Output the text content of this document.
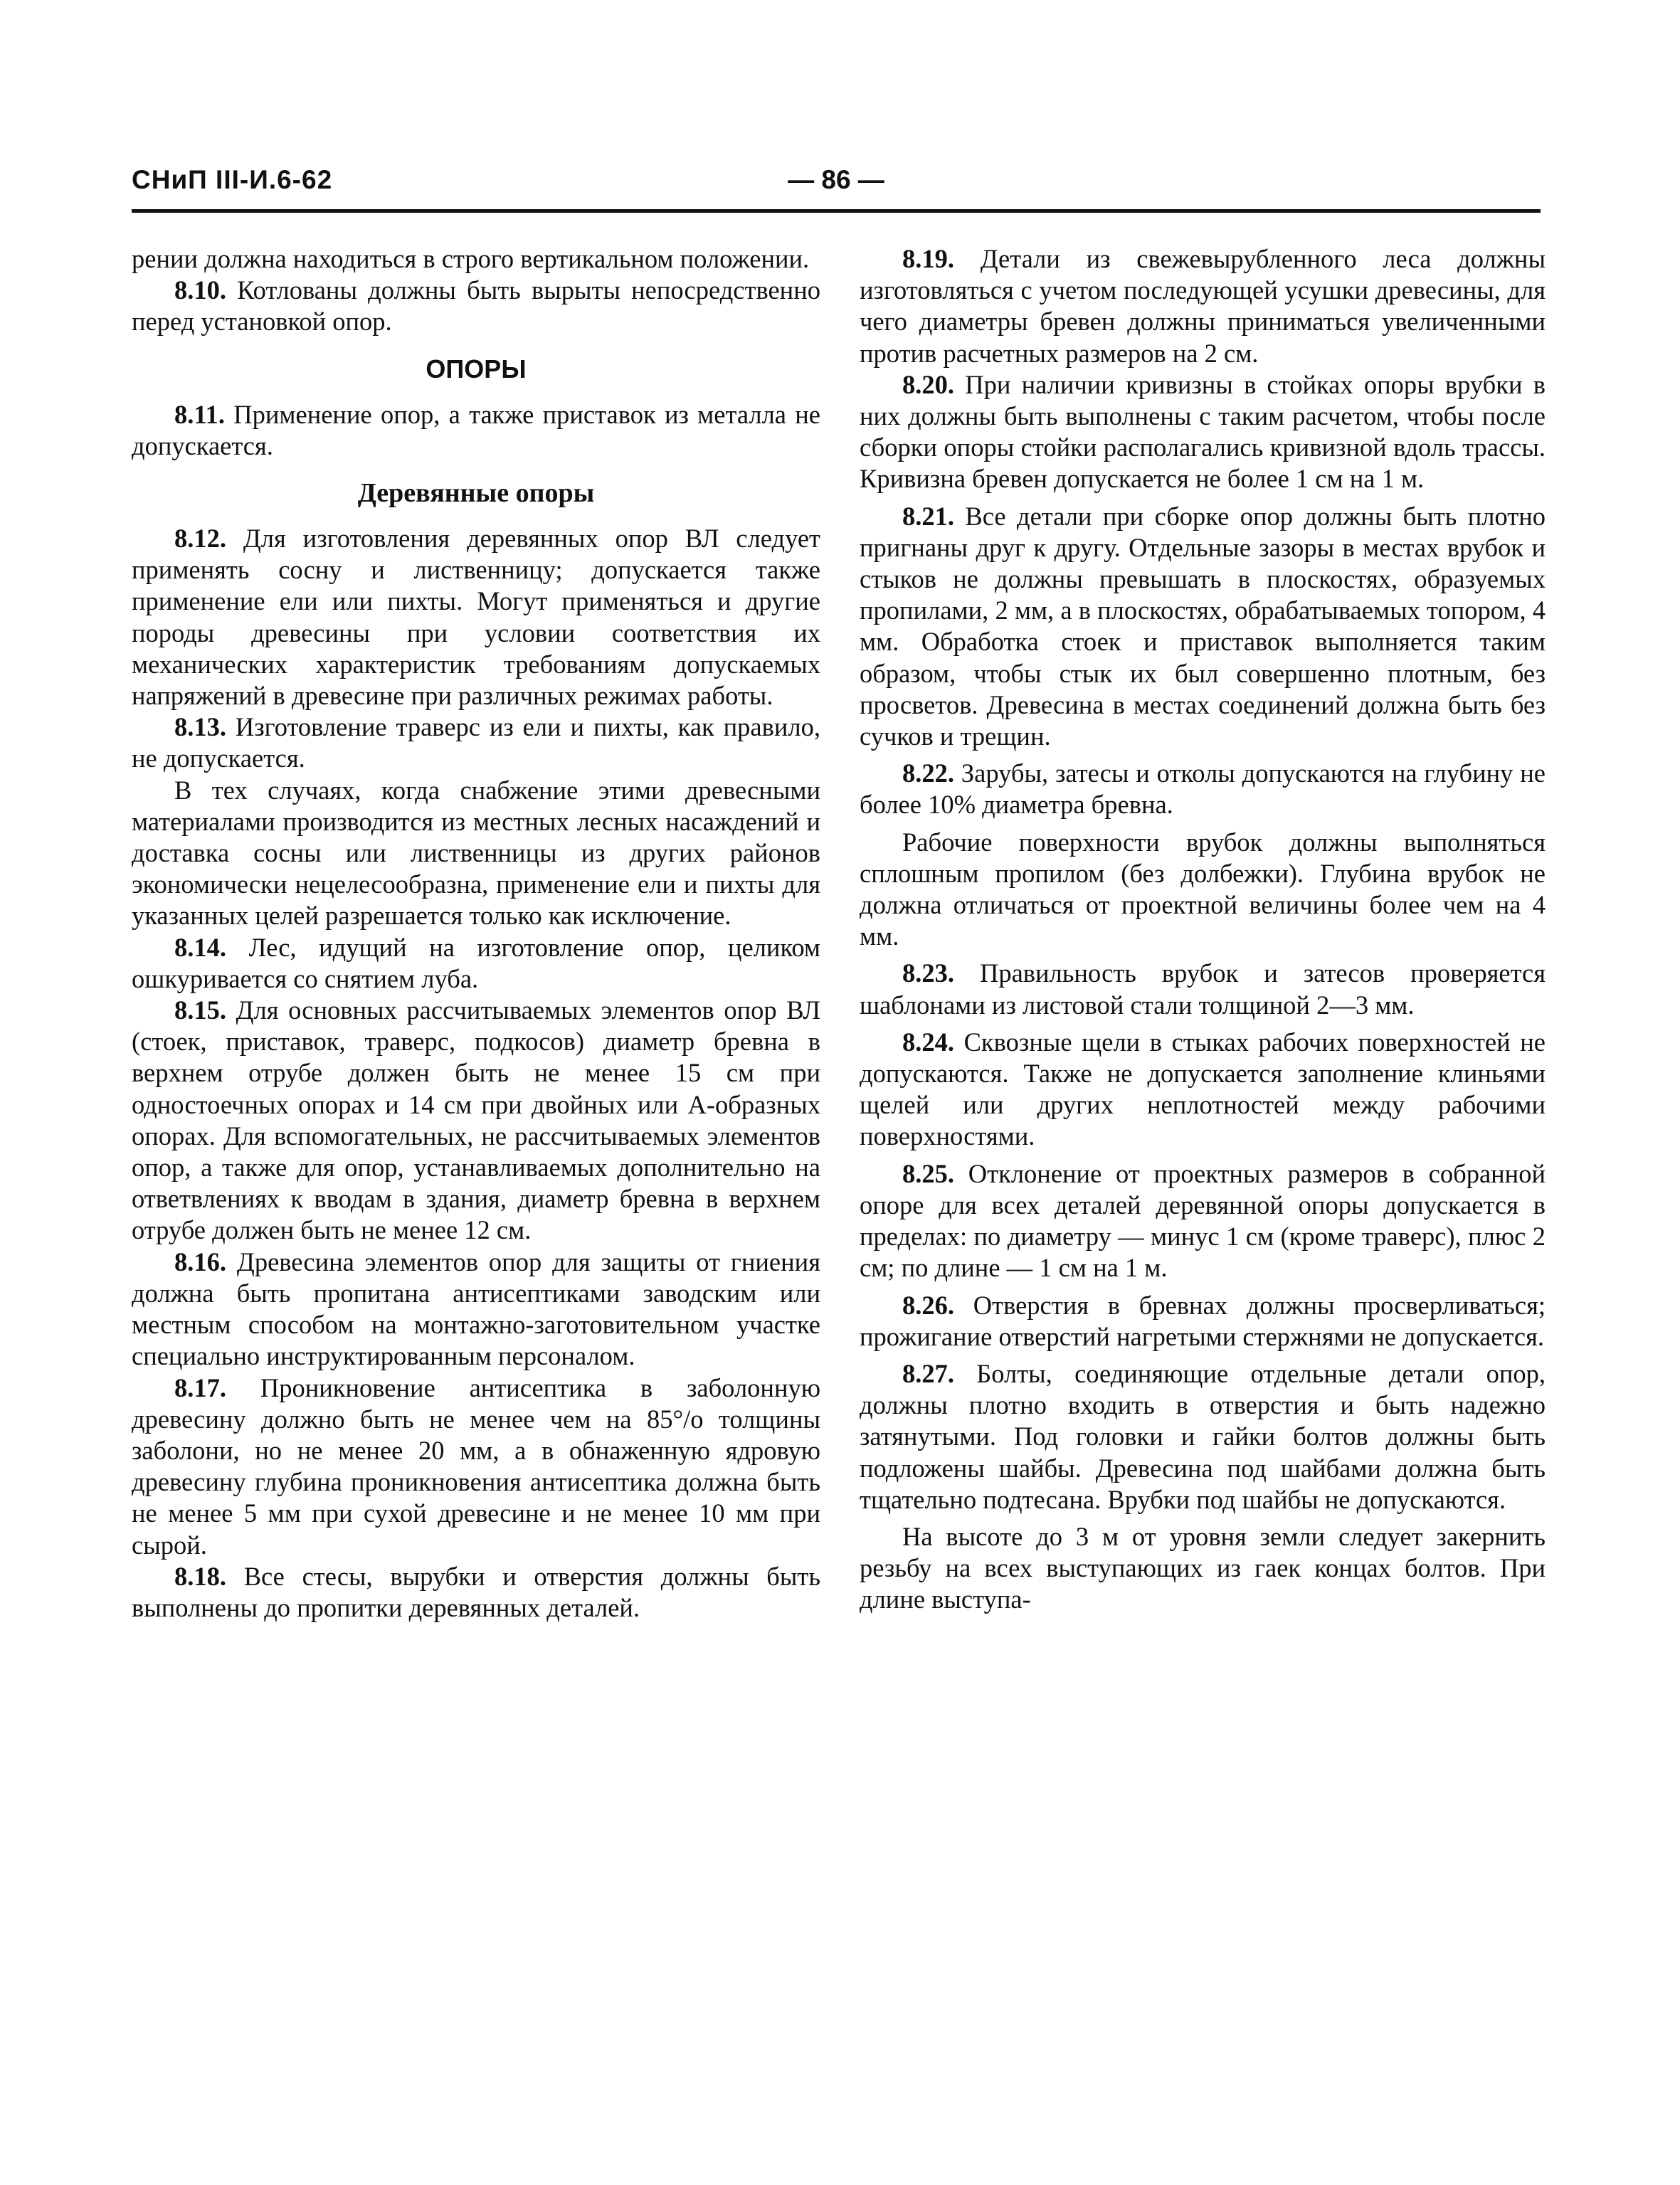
СНиП III-И.6-62	— 86 —

рении должна находиться в строго вертикальном положении.

8.10. Котлованы должны быть вырыты непосредственно перед установкой опор.

ОПОРЫ

8.11. Применение опор, а также приставок из металла не допускается.

Деревянные опоры

8.12. Для изготовления деревянных опор ВЛ следует применять сосну и лиственницу; допускается также применение ели или пихты. Могут применяться и другие породы древесины при условии соответствия их механических характеристик требованиям допускаемых напряжений в древесине при различных режимах работы.

8.13. Изготовление траверс из ели и пихты, как правило, не допускается.

В тех случаях, когда снабжение этими древесными материалами производится из местных лесных насаждений и доставка сосны или лиственницы из других районов экономически нецелесообразна, применение ели и пихты для указанных целей разрешается только как исключение.

8.14. Лес, идущий на изготовление опор, целиком ошкуривается со снятием луба.

8.15. Для основных рассчитываемых элементов опор ВЛ (стоек, приставок, траверс, подкосов) диаметр бревна в верхнем отрубе должен быть не менее 15 см при одностоечных опорах и 14 см при двойных или А-образных опорах. Для вспомогательных, не рассчитываемых элементов опор, а также для опор, устанавливаемых дополнительно на ответвлениях к вводам в здания, диаметр бревна в верхнем отрубе должен быть не менее 12 см.

8.16. Древесина элементов опор для защиты от гниения должна быть пропитана антисептиками заводским или местным способом на монтажно-заготовительном участке специально инструктированным персоналом.

8.17. Проникновение антисептика в заболонную древесину должно быть не менее чем на 85°/о толщины заболони, но не менее 20 мм, а в обнаженную ядровую древесину глубина проникновения антисептика должна быть не менее 5 мм при сухой древесине и не менее 10 мм при сырой.

8.18. Все стесы, вырубки и отверстия должны быть выполнены до пропитки деревянных деталей.

8.19. Детали из свежевырубленного леса должны изготовляться с учетом последующей усушки древесины, для чего диаметры бревен должны приниматься увеличенными против расчетных размеров на 2 см.

8.20. При наличии кривизны в стойках опоры врубки в них должны быть выполнены с таким расчетом, чтобы после сборки опоры стойки располагались кривизной вдоль трассы. Кривизна бревен допускается не более 1 см на 1 м.

8.21. Все детали при сборке опор должны быть плотно пригнаны друг к другу. Отдельные зазоры в местах врубок и стыков не должны превышать в плоскостях, образуемых пропилами, 2 мм, а в плоскостях, обрабатываемых топором, 4 мм. Обработка стоек и приставок выполняется таким образом, чтобы стык их был совершенно плотным, без просветов. Древесина в местах соединений должна быть без сучков и трещин.

8.22. Зарубы, затесы и отколы допускаются на глубину не более 10% диаметра бревна.

Рабочие поверхности врубок должны выполняться сплошным пропилом (без долбежки). Глубина врубок не должна отличаться от проектной величины более чем на 4 мм.

8.23. Правильность врубок и затесов проверяется шаблонами из листовой стали толщиной 2—3 мм.

8.24. Сквозные щели в стыках рабочих поверхностей не допускаются. Также не допускается заполнение клиньями щелей или других неплотностей между рабочими поверхностями.

8.25. Отклонение от проектных размеров в собранной опоре для всех деталей деревянной опоры допускается в пределах: по диаметру — минус 1 см (кроме траверс), плюс 2 см; по длине — 1 см на 1 м.

8.26. Отверстия в бревнах должны просверливаться; прожигание отверстий нагретыми стержнями не допускается.

8.27. Болты, соединяющие отдельные детали опор, должны плотно входить в отверстия и быть надежно затянутыми. Под головки и гайки болтов должны быть подложены шайбы. Древесина под шайбами должна быть тщательно подтесана. Врубки под шайбы не допускаются.

На высоте до 3 м от уровня земли следует закернить резьбу на всех выступающих из гаек концах болтов. При длине выступа-
